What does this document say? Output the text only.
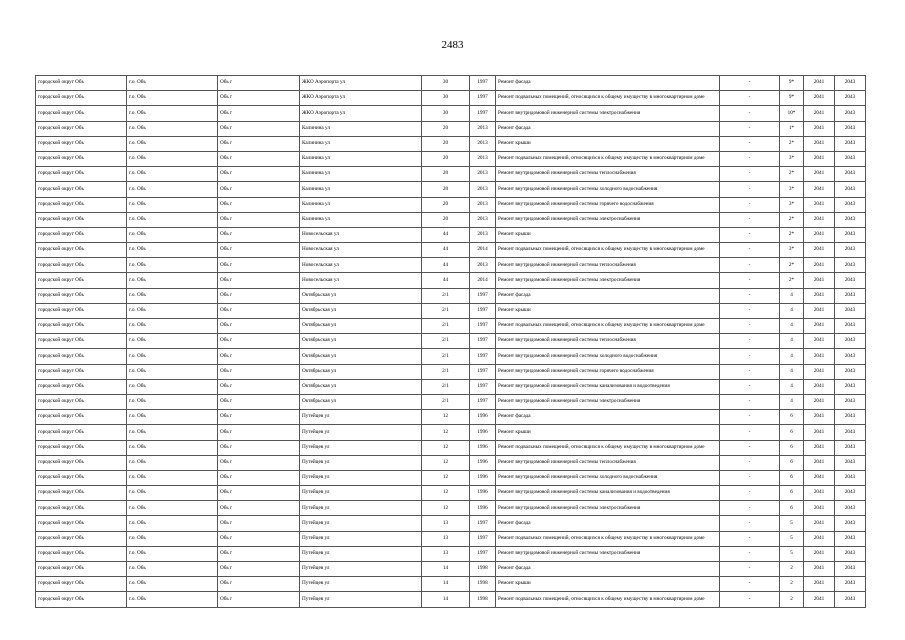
2483
городской округ Обь	г.о. Обь	Обь г	ЖКО Аэропорта ул	30	1997	Ремонт фасада	-	9*	2041	2043
городской округ Обь	г.о. Обь	Обь г	ЖКО Аэропорта ул	30	1997	Ремонт подвальных помещений, относящихся к общему имуществу в многоквартирном доме	-	9*	2041	2043
городской округ Обь	г.о. Обь	Обь г	ЖКО Аэропорта ул	30	1997	Ремонт внутридомовой инженерной системы электроснабжения	-	10*	2041	2043
городской округ Обь	г.о. Обь	Обь г	Калинина ул	20	2013	Ремонт фасада	-	1*	2041	2043
городской округ Обь	г.о. Обь	Обь г	Калинина ул	20	2013	Ремонт крыши	-	2*	2041	2043
городской округ Обь	г.о. Обь	Обь г	Калинина ул	20	2013	Ремонт подвальных помещений, относящихся к общему имуществу в многоквартирном доме	-	3*	2041	2043
городской округ Обь	г.о. Обь	Обь г	Калинина ул	20	2013	Ремонт внутридомовой инженерной системы теплоснабжения	-	2*	2041	2043
городской округ Обь	г.о. Обь	Обь г	Калинина ул	20	2013	Ремонт внутридомовой инженерной системы холодного водоснабжения	-	3*	2041	2043
городской округ Обь	г.о. Обь	Обь г	Калинина ул	20	2013	Ремонт внутридомовой инженерной системы горячего водоснабжения	-	3*	2041	2043
городской округ Обь	г.о. Обь	Обь г	Калинина ул	20	2013	Ремонт внутридомовой инженерной системы электроснабжения	-	2*	2041	2043
городской округ Обь	г.о. Обь	Обь г	Новосельская ул	44	2013	Ремонт крыши	-	2*	2041	2043
городской округ Обь	г.о. Обь	Обь г	Новосельская ул	44	2014	Ремонт подвальных помещений, относящихся к общему имуществу в многоквартирном доме	-	3*	2041	2043
городской округ Обь	г.о. Обь	Обь г	Новосельская ул	44	2013	Ремонт внутридомовой инженерной системы теплоснабжения	-	2*	2041	2043
городской округ Обь	г.о. Обь	Обь г	Новосельская ул	44	2014	Ремонт внутридомовой инженерной системы электроснабжения	-	2*	2041	2043
городской округ Обь	г.о. Обь	Обь г	Октябрьская ул	2/1	1997	Ремонт фасада	-	4	2041	2043
городской округ Обь	г.о. Обь	Обь г	Октябрьская ул	2/1	1997	Ремонт крыши	-	4	2041	2043
городской округ Обь	г.о. Обь	Обь г	Октябрьская ул	2/1	1997	Ремонт подвальных помещений, относящихся к общему имуществу в многоквартирном доме	-	4	2041	2043
городской округ Обь	г.о. Обь	Обь г	Октябрьская ул	2/1	1997	Ремонт внутридомовой инженерной системы теплоснабжения	-	4	2041	2043
городской округ Обь	г.о. Обь	Обь г	Октябрьская ул	2/1	1997	Ремонт внутридомовой инженерной системы холодного водоснабжения	-	4	2041	2043
городской округ Обь	г.о. Обь	Обь г	Октябрьская ул	2/1	1997	Ремонт внутридомовой инженерной системы горячего водоснабжения	-	4	2041	2043
городской округ Обь	г.о. Обь	Обь г	Октябрьская ул	2/1	1997	Ремонт внутридомовой инженерной системы канализования и водоотведения	-	4	2041	2043
городской округ Обь	г.о. Обь	Обь г	Октябрьская ул	2/1	1997	Ремонт внутридомовой инженерной системы электроснабжения	-	4	2041	2043
городской округ Обь	г.о. Обь	Обь г	Путейцев ул	12	1996	Ремонт фасада	-	6	2041	2043
городской округ Обь	г.о. Обь	Обь г	Путейцев ул	12	1996	Ремонт крыши	-	6	2041	2043
городской округ Обь	г.о. Обь	Обь г	Путейцев ул	12	1996	Ремонт подвальных помещений, относящихся к общему имуществу в многоквартирном доме	-	6	2041	2043
городской округ Обь	г.о. Обь	Обь г	Путейцев ул	12	1996	Ремонт внутридомовой инженерной системы теплоснабжения	-	6	2041	2043
городской округ Обь	г.о. Обь	Обь г	Путейцев ул	12	1996	Ремонт внутридомовой инженерной системы холодного водоснабжения	-	6	2041	2043
городской округ Обь	г.о. Обь	Обь г	Путейцев ул	12	1996	Ремонт внутридомовой инженерной системы канализования и водоотведения	-	6	2041	2043
городской округ Обь	г.о. Обь	Обь г	Путейцев ул	12	1996	Ремонт внутридомовой инженерной системы электроснабжения	-	6	2041	2043
городской округ Обь	г.о. Обь	Обь г	Путейцев ул	13	1997	Ремонт фасада	-	5	2041	2043
городской округ Обь	г.о. Обь	Обь г	Путейцев ул	13	1997	Ремонт подвальных помещений, относящихся к общему имуществу в многоквартирном доме	-	5	2041	2043
городской округ Обь	г.о. Обь	Обь г	Путейцев ул	13	1997	Ремонт внутридомовой инженерной системы электроснабжения	-	5	2041	2043
городской округ Обь	г.о. Обь	Обь г	Путейцев ул	14	1998	Ремонт фасада	-	2	2041	2043
городской округ Обь	г.о. Обь	Обь г	Путейцев ул	14	1998	Ремонт крыши	-	2	2041	2043
городской округ Обь	г.о. Обь	Обь г	Путейцев ул	14	1998	Ремонт подвальных помещений, относящихся к общему имуществу в многоквартирном доме	-	2	2041	2043
